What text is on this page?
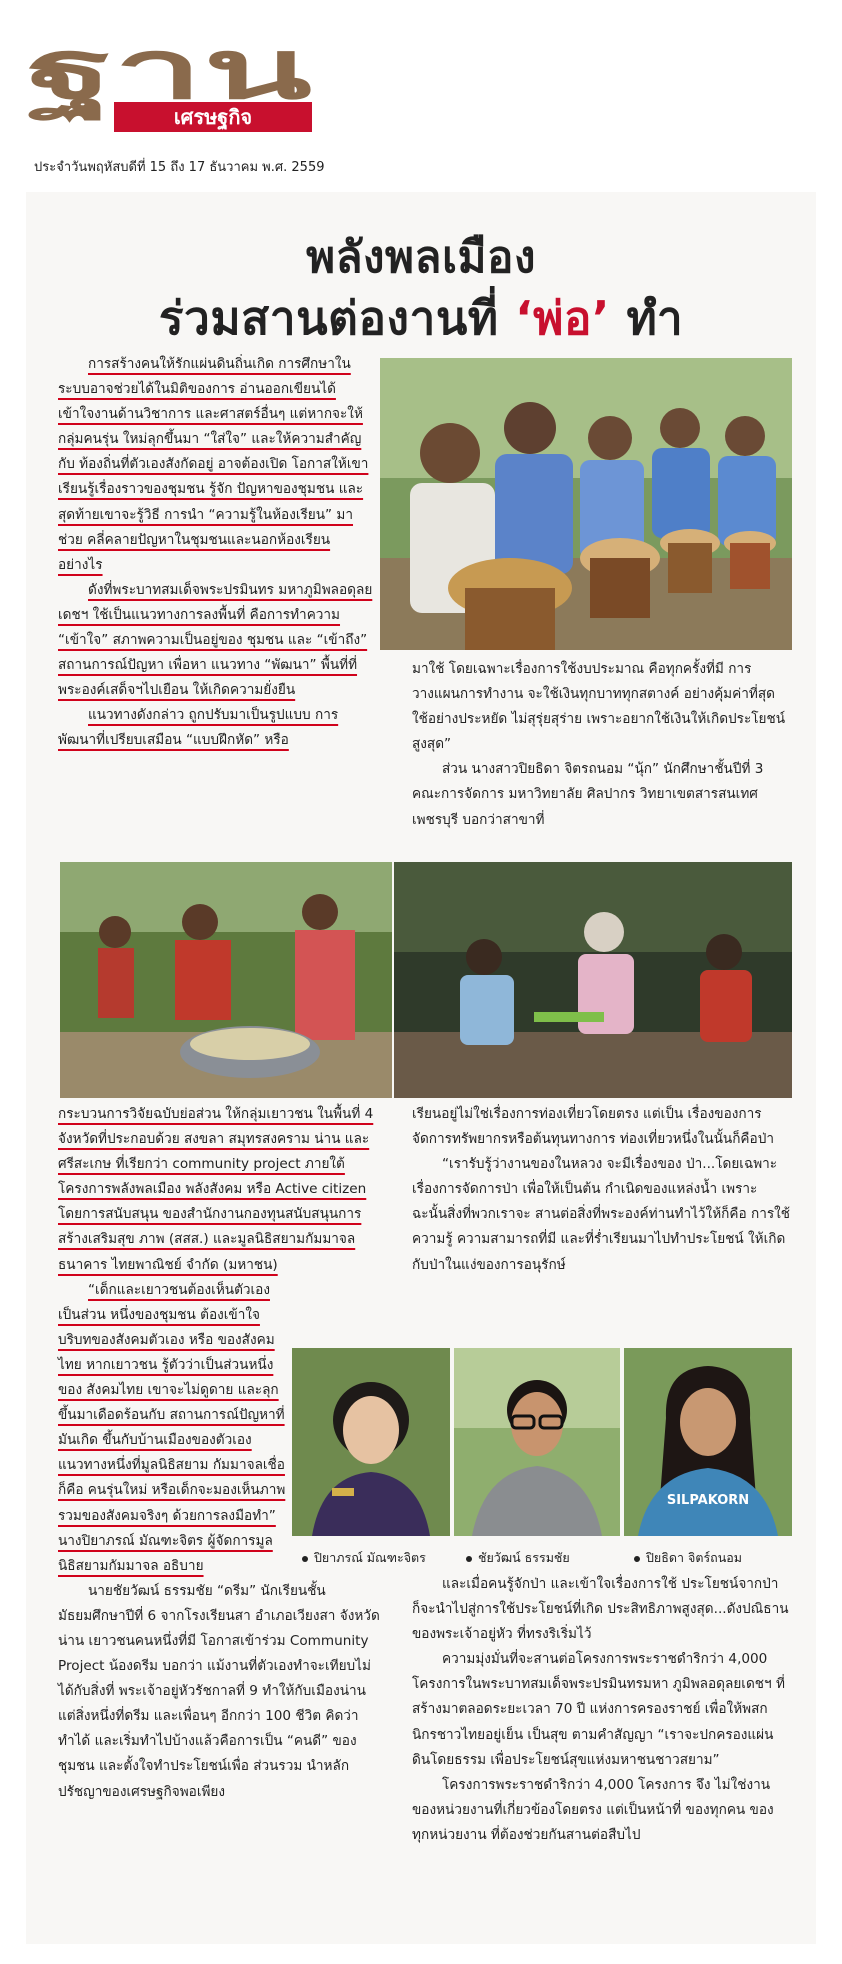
ฐาน เศรษฐกิจ
ประจำวันพฤหัสบดีที่ 15 ถึง 17 ธันวาคม พ.ศ. 2559
พลังพลเมือง
ร่วมสานต่องานที่ ‘พ่อ’ ทำ

การสร้างคนให้รักแผ่นดินถิ่นเกิด การศึกษาในระบบอาจช่วยได้ในมิติของการ อ่านออกเขียนได้ เข้าใจงานด้านวิชาการ และศาสตร์อื่นๆ แต่หากจะให้กลุ่มคนรุ่น ใหม่ลุกขึ้นมา “ใส่ใจ” และให้ความสำคัญกับ ท้องถิ่นที่ตัวเองสังกัดอยู่ อาจต้องเปิด โอกาสให้เขาเรียนรู้เรื่องราวของชุมชน รู้จัก ปัญหาของชุมชน และสุดท้ายเขาจะรู้วิธี การนำ “ความรู้ในห้องเรียน” มาช่วย คลี่คลายปัญหาในชุมชนและนอกห้องเรียน อย่างไร

ดังที่พระบาทสมเด็จพระปรมินทร มหาภูมิพลอดุลยเดชฯ ใช้เป็นแนวทางการลงพื้นที่ คือการทำความ “เข้าใจ” สภาพความเป็นอยู่ของ ชุมชน และ “เข้าถึง” สถานการณ์ปัญหา เพื่อหา แนวทาง “พัฒนา” พื้นที่ที่พระองค์เสด็จฯไปเยือน ให้เกิดความยั่งยืน

แนวทางดังกล่าว ถูกปรับมาเป็นรูปแบบ การพัฒนาที่เปรียบเสมือน “แบบฝึกหัด” หรือ

มาใช้ โดยเฉพาะเรื่องการใช้งบประมาณ คือทุกครั้งที่มี การวางแผนการทำงาน จะใช้เงินทุกบาททุกสตางค์ อย่างคุ้มค่าที่สุด ใช้อย่างประหยัด ไม่สุรุ่ยสุร่าย เพราะอยากใช้เงินให้เกิดประโยชน์สูงสุด”

ส่วน นางสาวปิยธิดา จิตรถนอม “นุ้ก” นักศึกษาชั้นปีที่ 3 คณะการจัดการ มหาวิทยาลัย ศิลปากร วิทยาเขตสารสนเทศเพชรบุรี บอกว่าสาขาที่

กระบวนการวิจัยฉบับย่อส่วน ให้กลุ่มเยาวชน ในพื้นที่ 4 จังหวัดที่ประกอบด้วย สงขลา สมุทรสงคราม น่าน และศรีสะเกษ ที่เรียกว่า community project ภายใต้โครงการพลังพลเมือง พลังสังคม หรือ Active citizen โดยการสนับสนุน ของสำนักงานกองทุนสนับสนุนการสร้างเสริมสุข ภาพ (สสส.) และมูลนิธิสยามกัมมาจล ธนาคาร ไทยพาณิชย์ จำกัด (มหาชน)

“เด็กและเยาวชนต้องเห็นตัวเองเป็นส่วน หนึ่งของชุมชน ต้องเข้าใจ บริบทของสังคมตัวเอง หรือ ของสังคมไทย หากเยาวชน รู้ตัวว่าเป็นส่วนหนึ่งของ สังคมไทย เขาจะไม่ดูดาย และลุกขึ้นมาเดือดร้อนกับ สถานการณ์ปัญหาที่มันเกิด ขึ้นกับบ้านเมืองของตัวเอง แนวทางหนึ่งที่มูลนิธิสยาม กัมมาจลเชื่อก็คือ คนรุ่นใหม่ หรือเด็กจะมองเห็นภาพรวมของสังคมจริงๆ ด้วยการลงมือทำ” นางปิยาภรณ์ มัณฑะจิตร ผู้จัดการมูลนิธิสยามกัมมาจล อธิบาย

นายชัยวัฒน์ ธรรมชัย “ดรีม” นักเรียนชั้นมัธยมศึกษาปีที่ 6 จากโรงเรียนสา อำเภอเวียงสา จังหวัดน่าน เยาวชนคนหนึ่งที่มี โอกาสเข้าร่วม Community Project น้องดรีม บอกว่า แม้งานที่ตัวเองทำจะเทียบไม่ได้กับสิ่งที่ พระเจ้าอยู่หัวรัชกาลที่ 9 ทำให้กับเมืองน่าน แต่สิ่งหนึ่งที่ดรีม และเพื่อนๆ อีกกว่า 100 ชีวิต คิดว่าทำได้ และเริ่มทำไปบ้างแล้วคือการเป็น “คนดี” ของชุมชน และตั้งใจทำประโยชน์เพื่อ ส่วนรวม นำหลักปรัชญาของเศรษฐกิจพอเพียง

เรียนอยู่ไม่ใช่เรื่องการท่องเที่ยวโดยตรง แต่เป็น เรื่องของการจัดการทรัพยากรหรือต้นทุนทางการ ท่องเที่ยวหนึ่งในนั้นก็คือป่า

“เรารับรู้ว่างานของในหลวง จะมีเรื่องของ ป่า...โดยเฉพาะเรื่องการจัดการป่า เพื่อให้เป็นต้น กำเนิดของแหล่งน้ำ เพราะฉะนั้นสิ่งที่พวกเราจะ สานต่อสิ่งที่พระองค์ท่านทำไว้ให้ก็คือ การใช้ความรู้ ความสามารถที่มี และที่ร่ำเรียนมาไปทำประโยชน์ ให้เกิดกับป่าในแง่ของการอนุรักษ์

SILPAKORN
ปิยาภรณ์ มัณฑะจิตร	ชัยวัฒน์ ธรรมชัย	ปิยธิดา จิตร์ถนอม

และเมื่อคนรู้จักป่า และเข้าใจเรื่องการใช้ ประโยชน์จากป่า ก็จะนำไปสู่การใช้ประโยชน์ที่เกิด ประสิทธิภาพสูงสุด...ดังปณิธานของพระเจ้าอยู่หัว ที่ทรงริเริ่มไว้

ความมุ่งมั่นที่จะสานต่อโครงการพระราชดำริกว่า 4,000 โครงการในพระบาทสมเด็จพระปรมินทรมหา ภูมิพลอดุลยเดชฯ ที่สร้างมาตลอดระยะเวลา 70 ปี แห่งการครองราชย์ เพื่อให้พสกนิกรชาวไทยอยู่เย็น เป็นสุข ตามคำสัญญา “เราจะปกครองแผ่นดินโดยธรรม เพื่อประโยชน์สุขแห่งมหาชนชาวสยาม”

โครงการพระราชดำริกว่า 4,000 โครงการ จึง ไม่ใช่งานของหน่วยงานที่เกี่ยวข้องโดยตรง แต่เป็นหน้าที่ ของทุกคน ของทุกหน่วยงาน ที่ต้องช่วยกันสานต่อสืบไป
